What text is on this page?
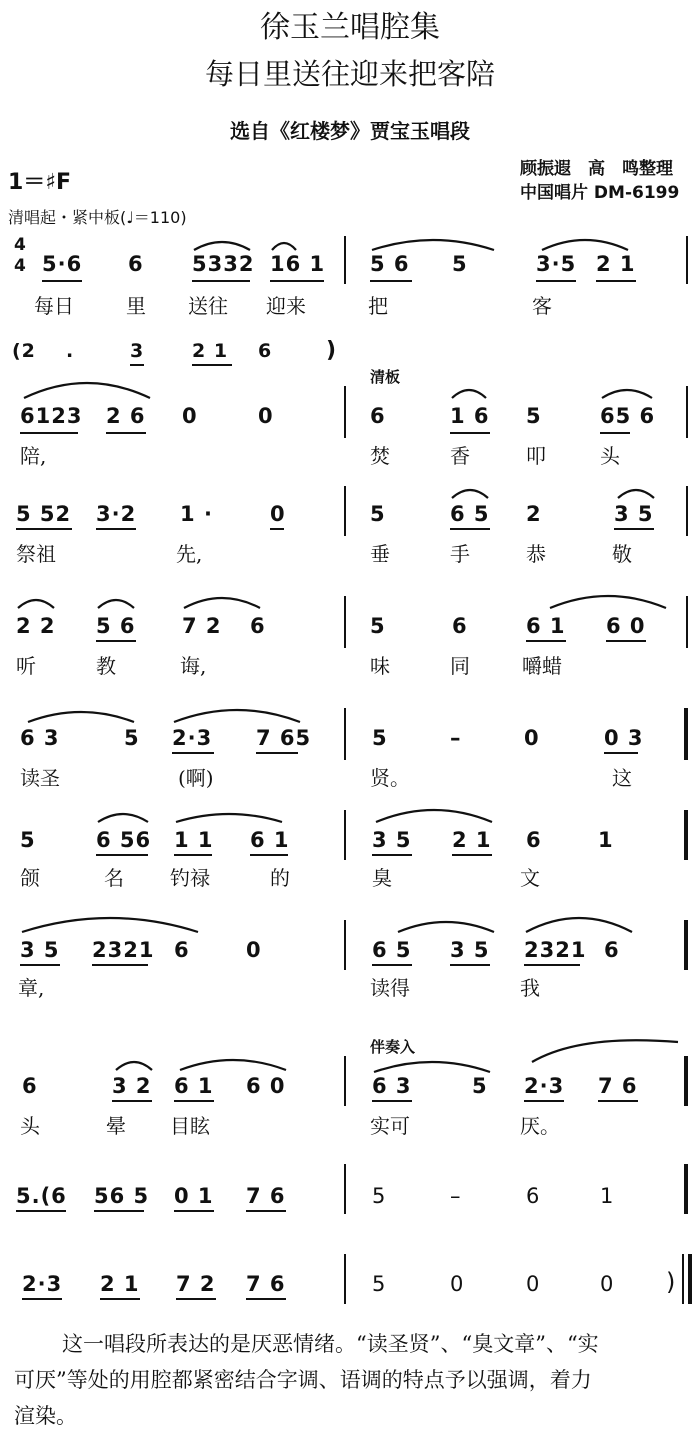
徐玉兰唱腔集
每日里送往迎来把客陪
选自《红楼梦》贾宝玉唱段
1＝♯F
顾振遐　高　鸣整理
中国唱片 DM-6199
清唱起・紧中板(♩＝110)
4
4 5·6 6 5332 16 1 5 6 5	3·5 2 1
每日	里 送往 迎来	把	客
(2 .	3	2 1 6 )
清板
6123 2 6 0	0	6	1 6 5	65 6
陪,	焚	香	叩	头
5 52 3·2 1 ·	0	5	6 5 2	3 5
祭祖	先,	垂	手	恭	敬
2 2 5 6 7 2 6	5	6	6 1 6 0
听	教	诲,	味	同	嚼蜡
6 3	5 2·3 7 65	5	–	0	0 3
读圣	(啊)	贤。	这
5	6 56 1 1 6 1	3 5 2 1 6	1
颌	名 钓禄	的	臭	文
3 5 2321 6	0	6 5 3 5 2321 6
章,	读得	我
伴奏入
6	3 2 6 1 6 0	6 3	5 2·3 7 6
头	晕 目眩	实可	厌。
5.(6 56 5 0 1 7 6	5	–	6	1
2·3 2 1 7 2 7 6	5	0	0	0 )
这一唱段所表达的是厌恶情绪。“读圣贤”、“臭文章”、“实
可厌”等处的用腔都紧密结合字调、语调的特点予以强调，着力
渲染。
